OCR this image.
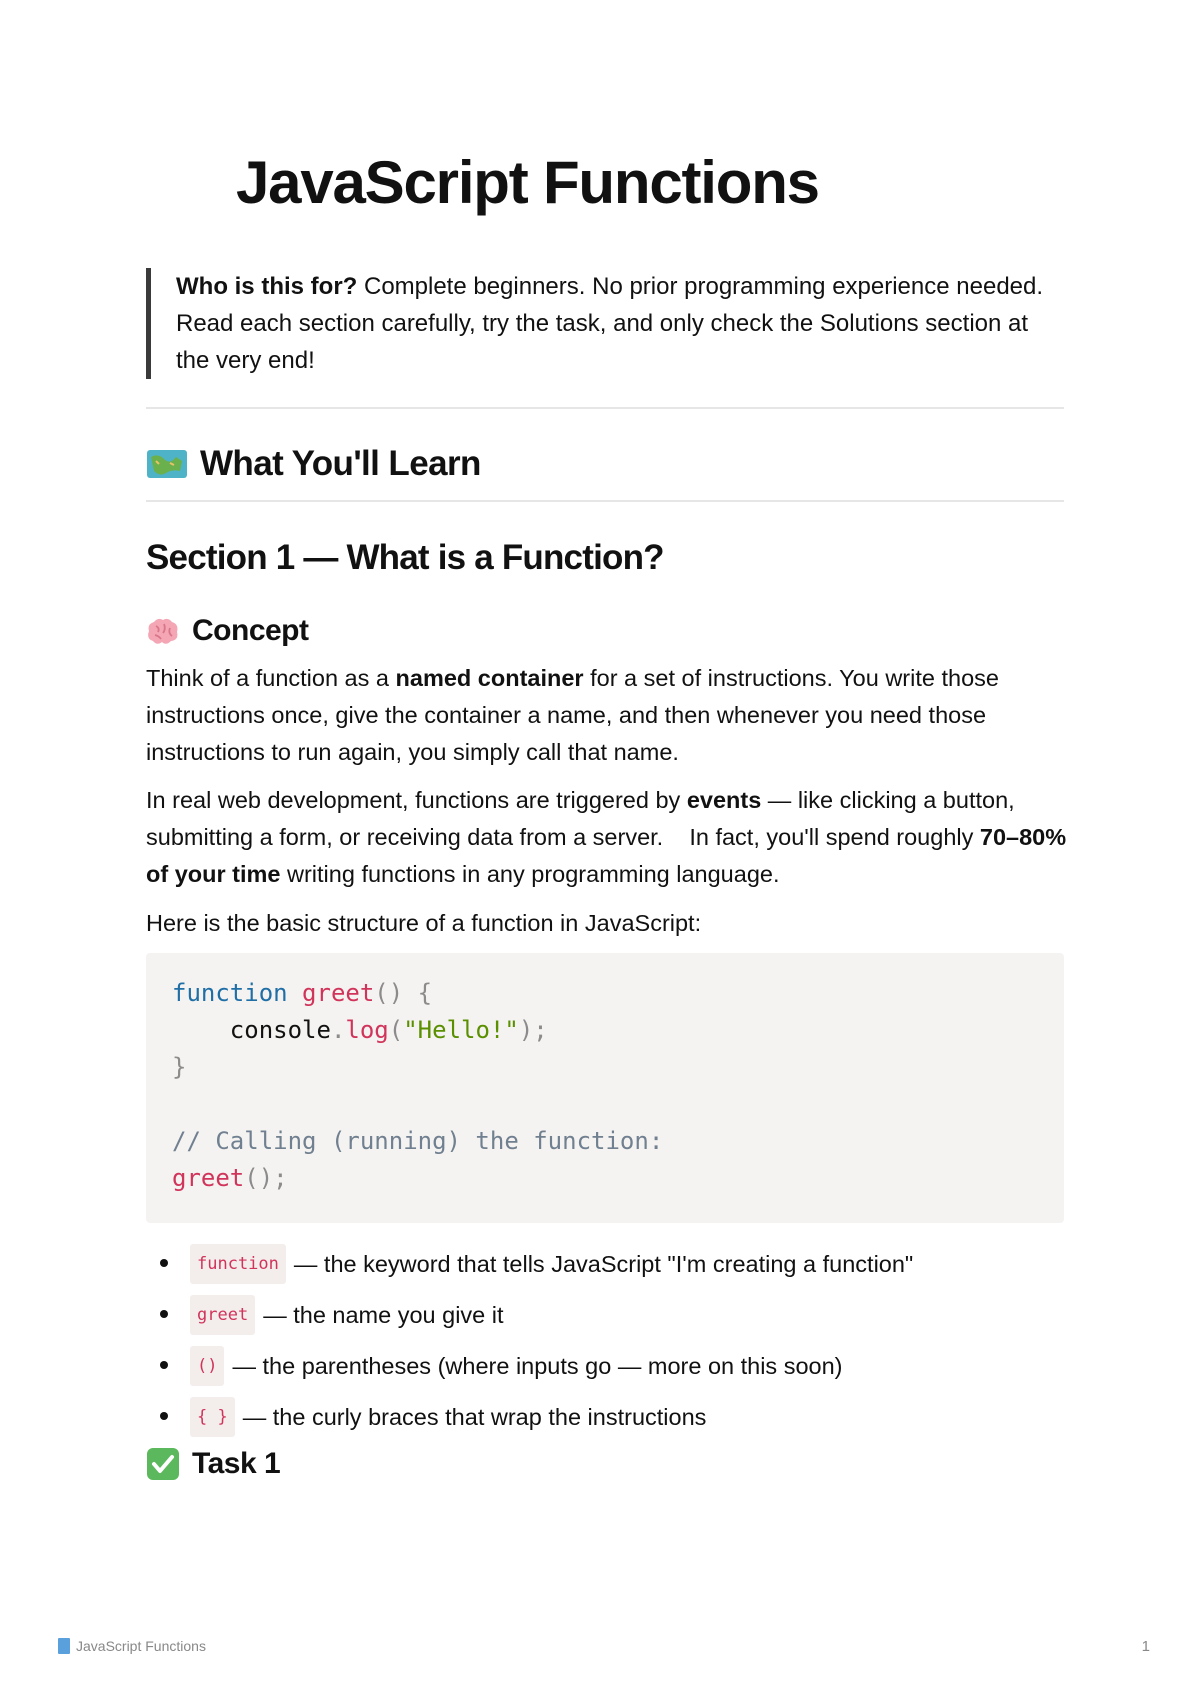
JavaScript Functions
Who is this for? Complete beginners. No prior programming experience needed. Read each section carefully, try the task, and only check the Solutions section at the very end!
What You'll Learn
Section 1 — What is a Function?
Concept
Think of a function as a named container for a set of instructions. You write those instructions once, give the container a name, and then whenever you need those instructions to run again, you simply call that name.
In real web development, functions are triggered by events — like clicking a button, submitting a form, or receiving data from a server.    In fact, you'll spend roughly 70–80% of your time writing functions in any programming language.
Here is the basic structure of a function in JavaScript:
function greet() {
console.log("Hello!");
}

// Calling (running) the function:
greet();
function — the keyword that tells JavaScript "I'm creating a function"
greet — the name you give it
() — the parentheses (where inputs go — more on this soon)
{ } — the curly braces that wrap the instructions
Task 1
JavaScript Functions	1
